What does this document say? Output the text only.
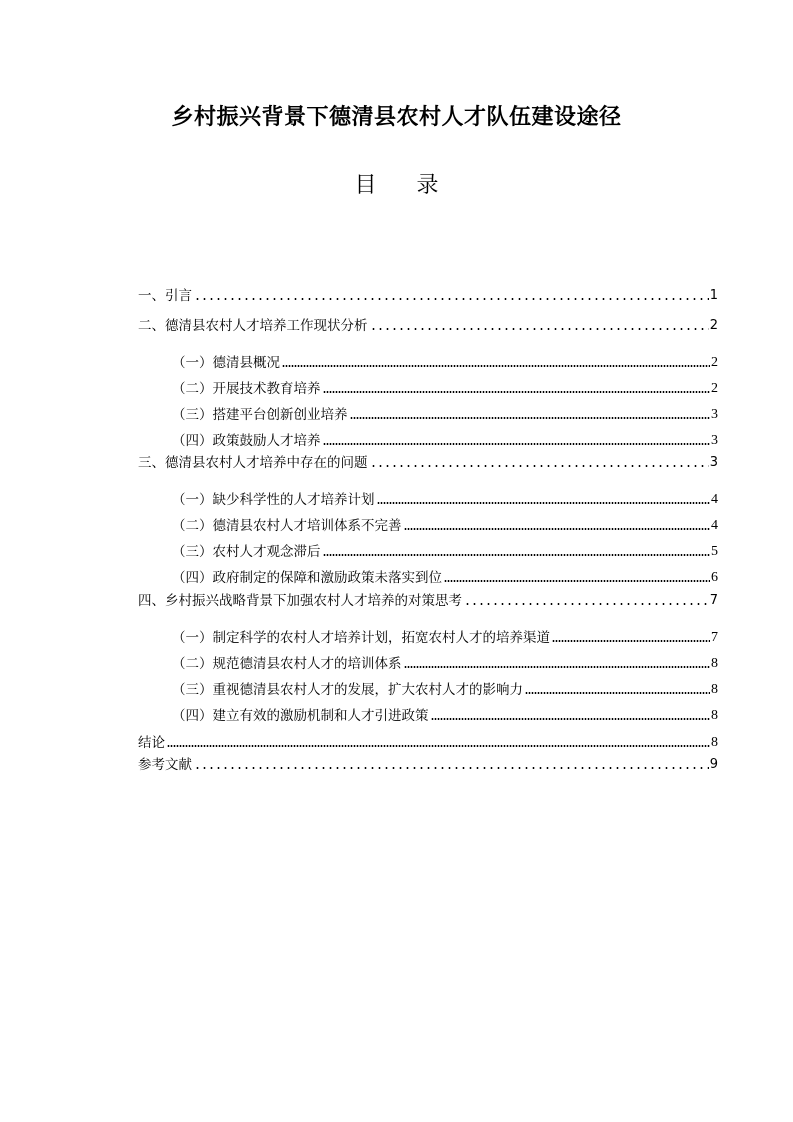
乡村振兴背景下德清县农村人才队伍建设途径
目录
一、引言	1
二、德清县农村人才培养工作现状分析	2
（一）德清县概况	2
（二）开展技术教育培养	2
（三）搭建平台创新创业培养	3
（四）政策鼓励人才培养	3
三、德清县农村人才培养中存在的问题	3
（一）缺少科学性的人才培养计划	4
（二）德清县农村人才培训体系不完善	4
（三）农村人才观念滞后	5
（四）政府制定的保障和激励政策未落实到位	6
四、乡村振兴战略背景下加强农村人才培养的对策思考	7
（一）制定科学的农村人才培养计划，拓宽农村人才的培养渠道	7
（二）规范德清县农村人才的培训体系	8
（三）重视德清县农村人才的发展，扩大农村人才的影响力	8
（四）建立有效的激励机制和人才引进政策	8
结论	8
参考文献	9
